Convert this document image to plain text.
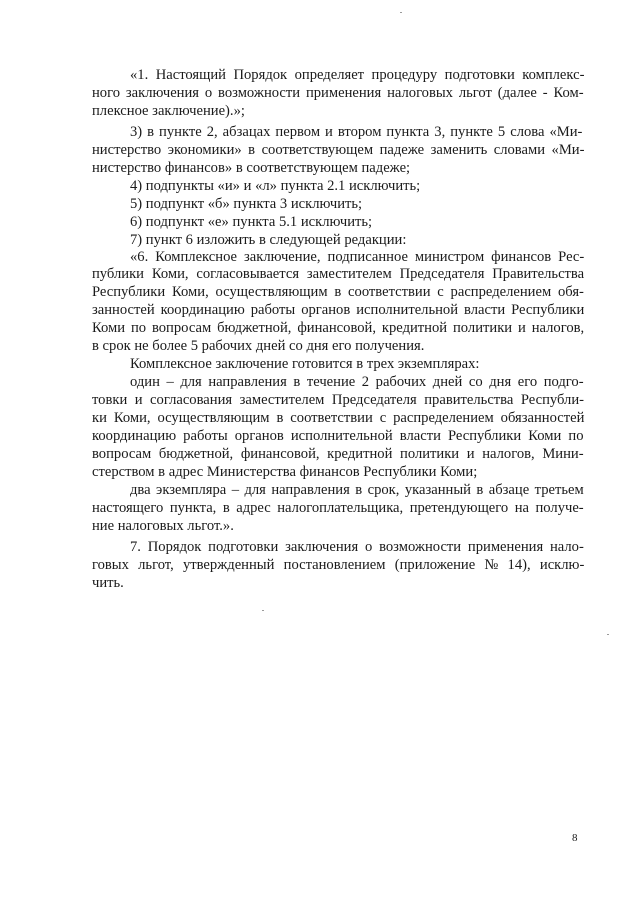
«1. Настоящий Порядок определяет процедуру подготовки комплекс-
ного заключения о возможности применения налоговых льгот (далее - Ком-
плексное заключение).»;
3) в пункте 2, абзацах первом и втором пункта 3, пункте 5 слова «Ми-
нистерство экономики» в соответствующем падеже заменить словами «Ми-
нистерство финансов» в соответствующем падеже;
4) подпункты «и» и «л» пункта 2.1 исключить;
5) подпункт «б» пункта 3 исключить;
6) подпункт «е» пункта 5.1 исключить;
7) пункт 6 изложить в следующей редакции:
«6. Комплексное заключение, подписанное министром финансов Рес-
публики Коми, согласовывается заместителем Председателя Правительства
Республики Коми, осуществляющим в соответствии с распределением обя-
занностей координацию работы органов исполнительной власти Республики
Коми по вопросам бюджетной, финансовой, кредитной политики и налогов,
в срок не более 5 рабочих дней со дня его получения.
Комплексное заключение готовится в трех экземплярах:
один – для направления в течение 2 рабочих дней со дня его подго-
товки и согласования заместителем Председателя правительства Республи-
ки Коми, осуществляющим в соответствии с распределением обязанностей
координацию работы органов исполнительной власти Республики Коми по
вопросам бюджетной, финансовой, кредитной политики и налогов, Мини-
стерством в адрес Министерства финансов Республики Коми;
два экземпляра – для направления в срок, указанный в абзаце третьем
настоящего пункта, в адрес налогоплательщика, претендующего на получе-
ние налоговых льгот.».
7. Порядок подготовки заключения о возможности применения нало-
говых льгот, утвержденный постановлением (приложение № 14), исклю-
чить.
8
